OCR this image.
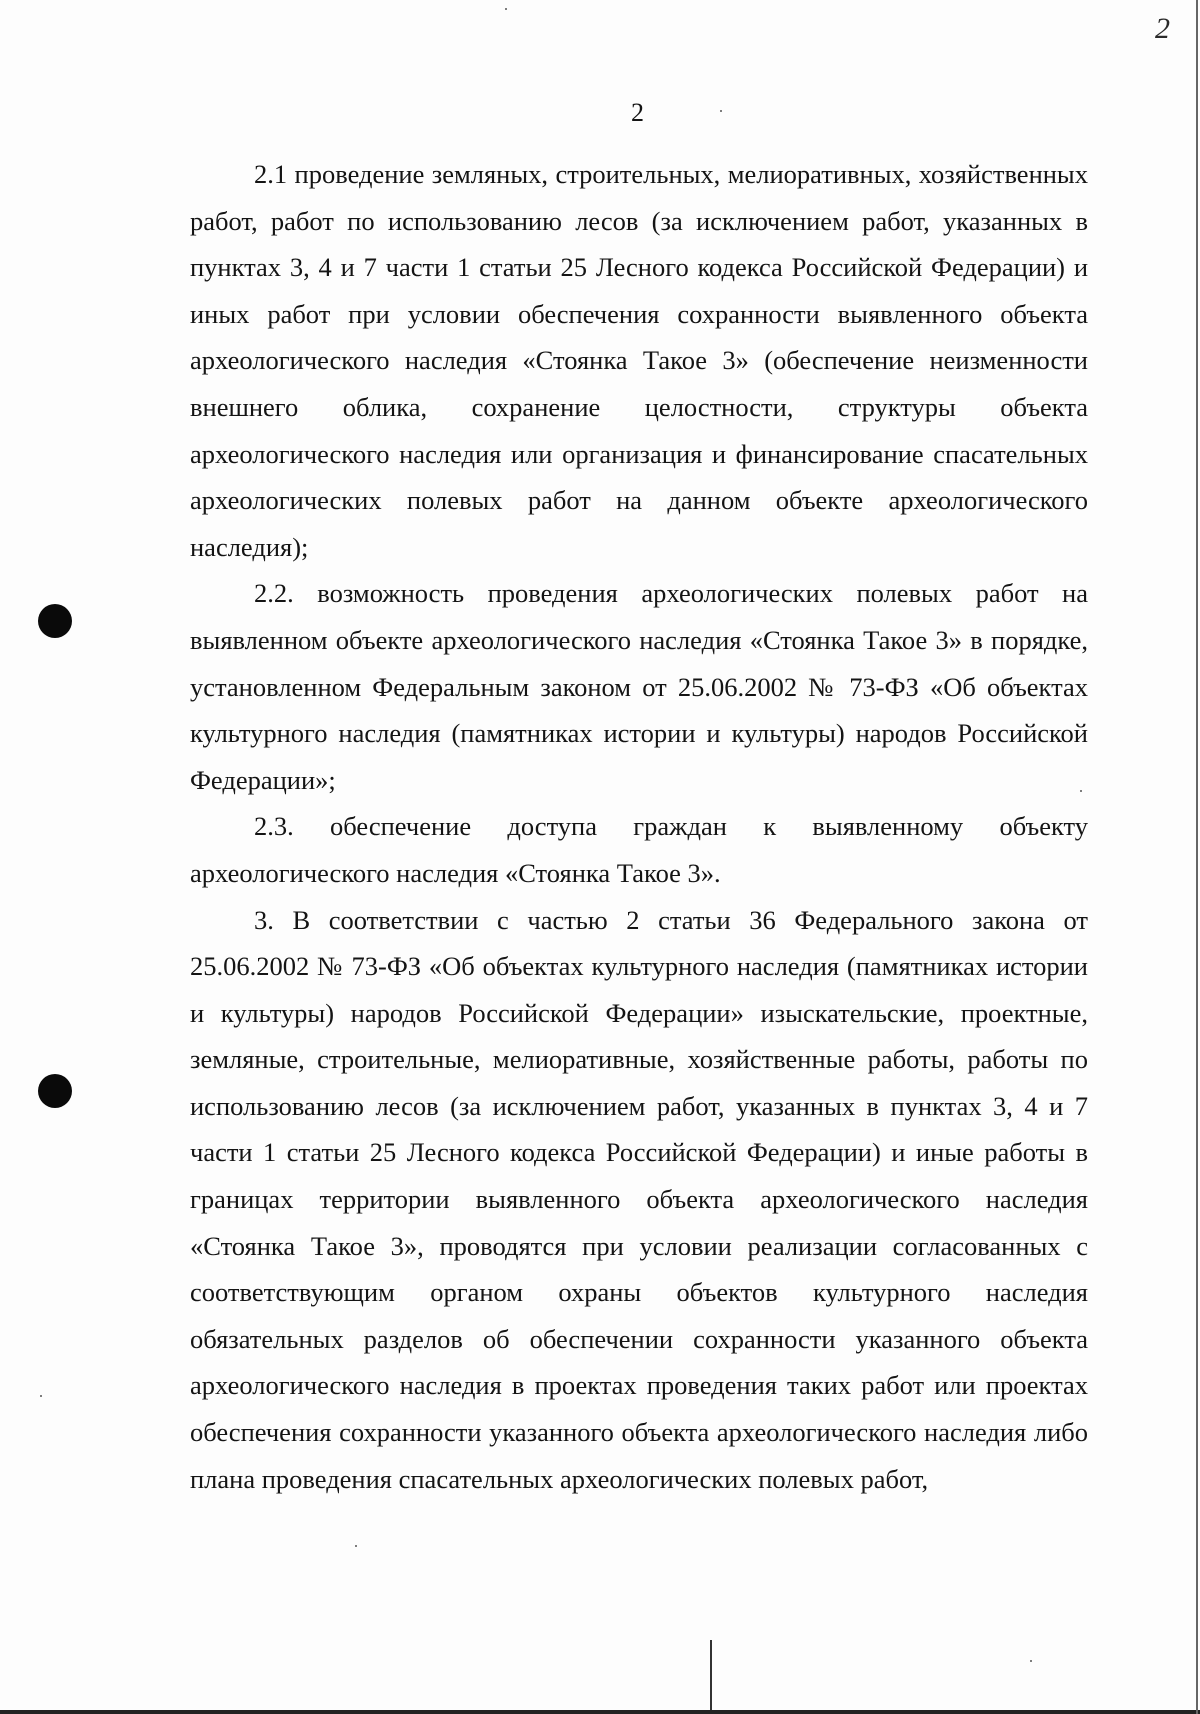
2
2

2.1 проведение земляных, строительных, мелиоративных, хозяйственных работ, работ по использованию лесов (за исключением работ, указанных в пунктах 3, 4 и 7 части 1 статьи 25 Лесного кодекса Российской Федерации) и иных работ при условии обеспечения сохранности выявленного объекта археологического наследия «Стоянка Такое 3» (обеспечение неизменности внешнего облика, сохранение целостности, структуры объекта археологического наследия или организация и финансирование спасательных археологических полевых работ на данном объекте археологического наследия);

2.2. возможность проведения археологических полевых работ на выявленном объекте археологического наследия «Стоянка Такое 3» в порядке, установленном Федеральным законом от 25.06.2002 № 73-ФЗ «Об объектах культурного наследия (памятниках истории и культуры) народов Российской Федерации»;

2.3. обеспечение доступа граждан к выявленному объекту археологического наследия «Стоянка Такое 3».

3. В соответствии с частью 2 статьи 36 Федерального закона от 25.06.2002 № 73-ФЗ «Об объектах культурного наследия (памятниках истории и культуры) народов Российской Федерации» изыскательские, проектные, земляные, строительные, мелиоративные, хозяйственные работы, работы по использованию лесов (за исключением работ, указанных в пунктах 3, 4 и 7 части 1 статьи 25 Лесного кодекса Российской Федерации) и иные работы в границах территории выявленного объекта археологического наследия «Стоянка Такое 3», проводятся при условии реализации согласованных с соответствующим органом охраны объектов культурного наследия обязательных разделов об обеспечении сохранности указанного объекта археологического наследия в проектах проведения таких работ или проектах обеспечения сохранности указанного объекта археологического наследия либо плана проведения спасательных археологических полевых работ,
